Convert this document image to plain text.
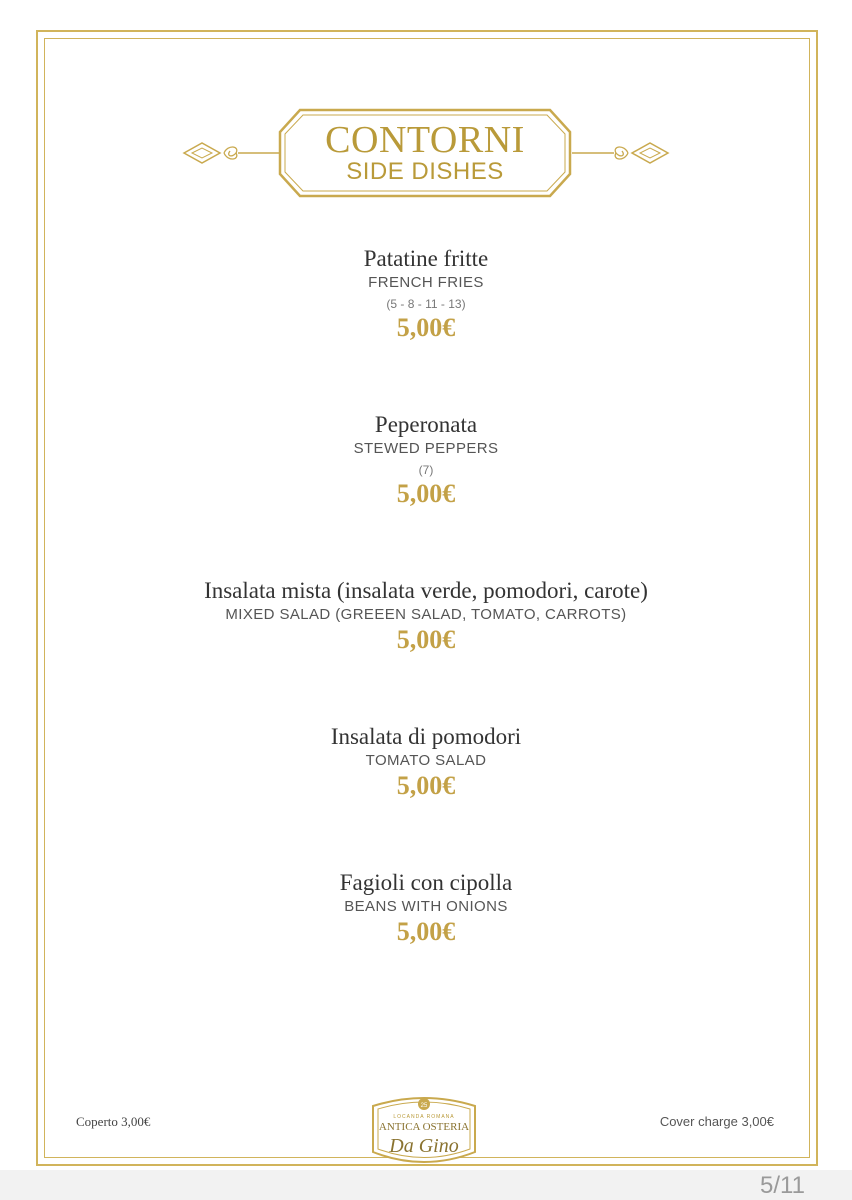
CONTORNI
SIDE DISHES
Patatine fritte
FRENCH FRIES
(5 - 8 - 11 - 13)
5,00€
Peperonata
STEWED PEPPERS
(7)
5,00€
Insalata mista (insalata verde, pomodori, carote)
MIXED SALAD (GREEEN SALAD, TOMATO, CARROTS)
5,00€
Insalata di pomodori
TOMATO SALAD
5,00€
Fagioli con cipolla
BEANS WITH ONIONS
5,00€
Coperto 3,00€	Cover charge 3,00€
25
LOCANDA ROMANA
ANTICA OSTERIA
Da Gino
5/11
